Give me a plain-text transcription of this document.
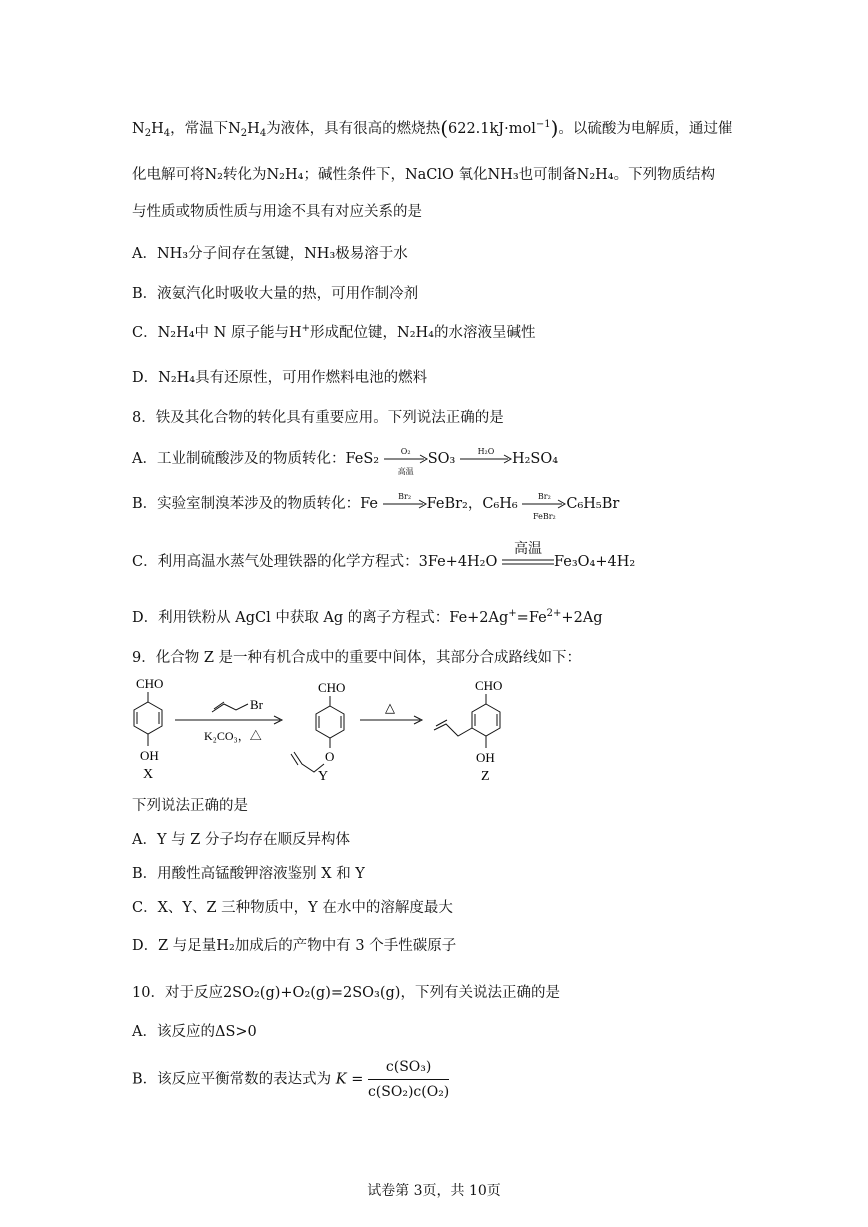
$N_2H_4$，常温下$N_2H_4$为液体，具有很高的燃烧热(622.1kJ·mol$^{-1}$)。以硫酸为电解质，通过催
化电解可将N₂转化为N₂H₄；碱性条件下，NaClO 氧化NH₃也可制备N₂H₄。下列物质结构
与性质或物质性质与用途不具有对应关系的是
A．NH₃分子间存在氢键，NH₃极易溶于水
B．液氨汽化时吸收大量的热，可用作制冷剂
C．N₂H₄中 N 原子能与H+形成配位键，N₂H₄的水溶液呈碱性
D．N₂H₄具有还原性，可用作燃料电池的燃料
8．铁及其化合物的转化具有重要应用。下列说法正确的是
A．工业制硫酸涉及的物质转化：FeS₂	O₂
高温
SO₃	H₂O	H₂SO₄
B．实验室制溴苯涉及的物质转化：Fe	Br₂	FeBr₂，C₆H₆	Br₂
FeBr₂
C₆H₅Br
C．利用高温水蒸气处理铁器的化学方程式：3Fe+4H₂O
高温
Fe₃O₄+4H₂
D．利用铁粉从 AgCl 中获取 Ag 的离子方程式：$Fe+2Ag^+=Fe^{2+}+2Ag$
9．化合物 Z 是一种有机合成中的重要中间体，其部分合成路线如下：
CHO
OH
X
Br
K₂CO₃，△
CHO
O
Y
△
CHO
OH
Z
下列说法正确的是
A．Y 与 Z 分子均存在顺反异构体
B．用酸性高锰酸钾溶液鉴别 X 和 Y
C．X、Y、Z 三种物质中，Y 在水中的溶解度最大
D．Z 与足量H₂加成后的产物中有 3 个手性碳原子
10．对于反应2SO₂(g)+O₂(g)=2SO₃(g)，下列有关说法正确的是
A．该反应的ΔS>0
B．该反应平衡常数的表达式为 $K = \frac{\text{c(SO₃)}}{\text{c(SO₂)c(O₂)}}$
试卷第 3页，共 10页
